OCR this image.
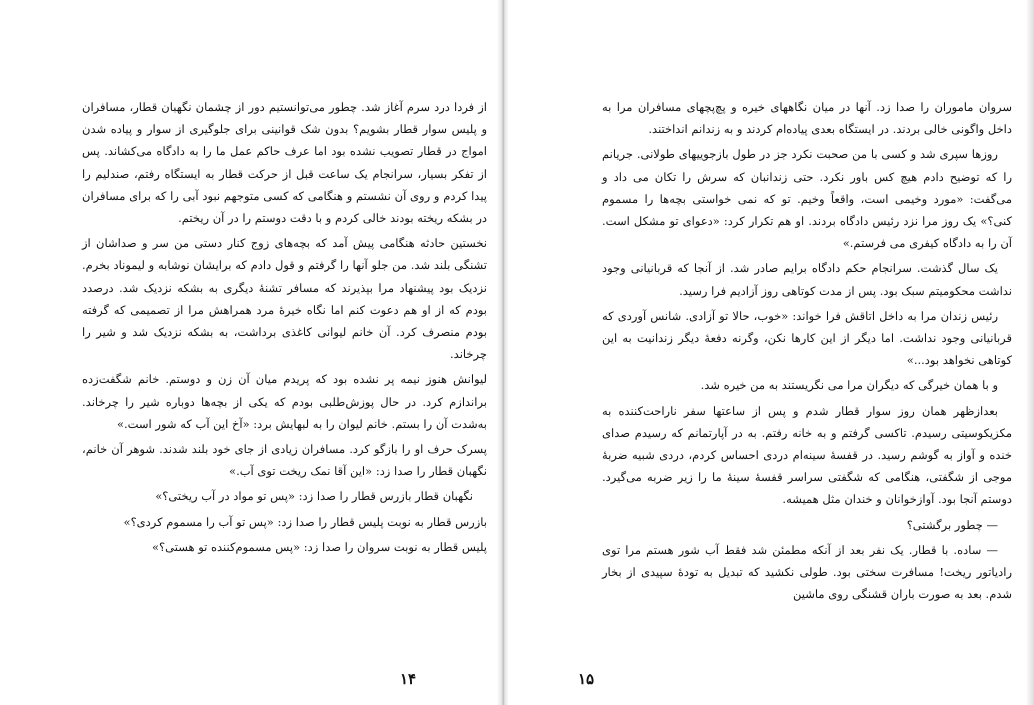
از فردا درد سرم آغاز شد. چطور می‌توانستیم دور از چشمان نگهبان قطار، مسافران و پلیس سوار قطار بشویم؟ بدون شک قوانینی برای جلوگیری از سوار و پیاده شدن امواج در قطار تصویب نشده بود اما عرف حاکم عمل ما را به دادگاه می‌کشاند. پس از تفکر بسیار، سرانجام یک ساعت قبل از حرکت قطار به ایستگاه رفتم، صندلیم را پیدا کردم و روی آن نشستم و هنگامی که کسی متوجهم نبود آبی را که برای مسافران در بشکه ریخته بودند خالی کردم و با دقت دوستم را در آن ریختم.

نخستین حادثه هنگامی پیش آمد که بچه‌های زوج کنار دستی من سر و صداشان از تشنگی بلند شد. من جلو آنها را گرفتم و قول دادم که برایشان نوشابه و لیموناد بخرم. نزدیک بود پیشنهاد مرا بپذیرند که مسافر تشنهٔ دیگری به بشکه نزدیک شد. درصدد بودم که از او هم دعوت کنم اما نگاه خیرهٔ مرد همراهش مرا از تصمیمی که گرفته بودم منصرف کرد. آن خانم لیوانی کاغذی برداشت، به بشکه نزدیک شد و شیر را چرخاند.

لیوانش هنوز نیمه پر نشده بود که پریدم میان آن زن و دوستم. خانم شگفت‌زده براندازم کرد. در حال پوزش‌طلبی بودم که یکی از بچه‌ها دوباره شیر را چرخاند. به‌شدت آن را بستم. خانم لیوان را به لبهایش برد: «آخ این آب که شور است.»

پسرک حرف او را بازگو کرد. مسافران زیادی از جای خود بلند شدند. شوهر آن خانم، نگهبان قطار را صدا زد: «این آقا نمک ریخت توی آب.»

نگهبان قطار بازرس قطار را صدا زد: «پس تو مواد در آب ریختی؟»

بازرس قطار به نوبت پلیس قطار را صدا زد: «پس تو آب را مسموم کردی؟»

پلیس قطار به نوبت سروان را صدا زد: «پس مسموم‌کننده تو هستی؟»

۱۴

سروان ماموران را صدا زد. آنها در میان نگاههای خیره و پچ‌پچهای مسافران مرا به داخل واگونی خالی بردند. در ایستگاه بعدی پیاده‌ام کردند و به زندانم انداختند.

روزها سپری شد و کسی با من صحبت نکرد جز در طول بازجوییهای طولانی. جریانم را که توضیح دادم هیچ کس باور نکرد. حتی زندانبان که سرش را تکان می داد و می‌گفت: «مورد وخیمی است، واقعاً وخیم. تو که نمی خواستی بچه‌ها را مسموم کنی؟» یک روز مرا نزد رئیس دادگاه بردند. او هم تکرار کرد: «دعوای تو مشکل است. آن را به دادگاه کیفری می فرستم.»

یک سال گذشت. سرانجام حکم دادگاه برایم صادر شد. از آنجا که قربانیانی وجود نداشت محکومیتم سبک بود. پس از مدت کوتاهی روز آزادیم فرا رسید.

رئیس زندان مرا به داخل اتاقش فرا خواند: «خوب، حالا تو آزادی. شانس آوردی که قربانیانی وجود نداشت. اما دیگر از این کارها نکن، وگرنه دفعهٔ دیگر زندانیت به این کوتاهی نخواهد بود...»

و با همان خیرگی که دیگران مرا می نگریستند به من خیره شد.

بعدازظهر همان روز سوار قطار شدم و پس از ساعتها سفر ناراحت‌کننده به مکزیکوسیتی رسیدم. تاکسی گرفتم و به خانه رفتم. به در آپارتمانم که رسیدم صدای خنده و آواز به گوشم رسید. در قفسهٔ سینه‌ام دردی احساس کردم، دردی شبیه ضربهٔ موجی از شگفتی، هنگامی که شگفتی سراسر قفسهٔ سینهٔ ما را زیر ضربه می‌گیرد. دوستم آنجا بود. آوازخوانان و خندان مثل همیشه.

— چطور برگشتی؟

— ساده. با قطار. یک نفر بعد از آنکه مطمئن شد فقط آب شور هستم مرا توی رادیاتور ریخت! مسافرت سختی بود. طولی نکشید که تبدیل به تودهٔ سپیدی از بخار شدم. بعد به صورت باران قشنگی روی ماشین

۱۵
